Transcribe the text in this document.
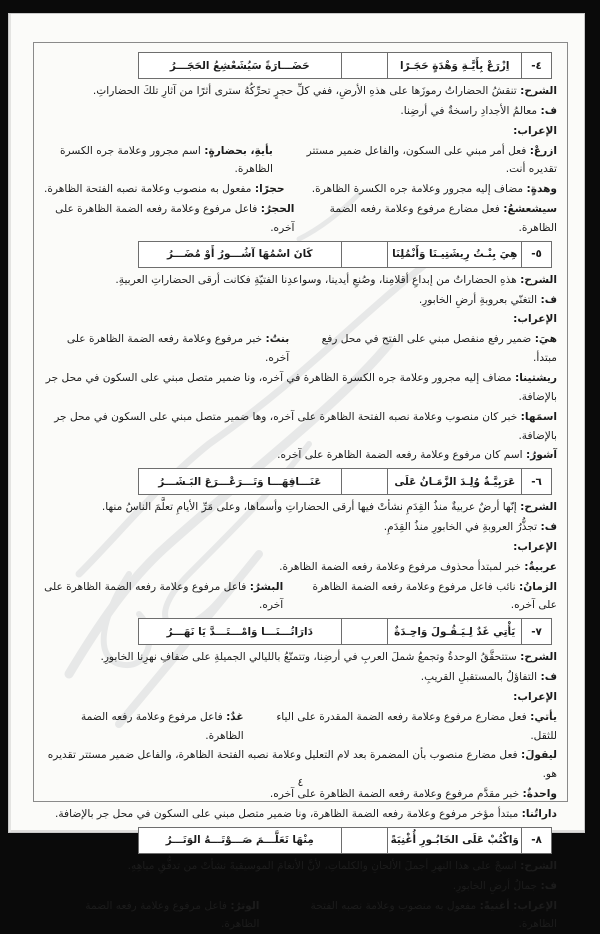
٤-
اِزْرَعْ بِأَيَّـةِ وَهْدَةٍ حَجَـرًا
حَضَـــارَةً سَيُشَعْشِعُ الحَجَـــرُ
الشرح: تنقشُ الحضاراتُ رموزَها على هذهِ الأرضِ، ففي كلِّ حجرٍ تحرِّكُهُ سترى أثرًا من آثارِ تلكَ الحضاراتِ.
ف: معالمُ الأجدادِ راسخةٌ في أرضِنا.
الإعراب:
ازرعْ: فعل أمر مبني على السكون، والفاعل ضمير مستتر تقديره أنت.
بأيةِ، بحضارةٍ: اسم مجرور وعلامة جره الكسرة الظاهرة.
وهدةٍ: مضاف إليه مجرور وعلامة جره الكسرة الظاهرة.
حجرًا: مفعول به منصوب وعلامة نصبه الفتحة الظاهرة.
سيشعشعُ: فعل مضارع مرفوع وعلامة رفعه الضمة الظاهرة.
الحجرُ: فاعل مرفوع وعلامة رفعه الضمة الظاهرة على آخره.
٥-
هِيَ بِنْـتُ رِيشَتِيـنَا وَأَنْمُلِنَا
كَانَ اسْمُهَا آشُـــورُ أَوْ مُضَـــرُ
الشرح: هذهِ الحضاراتُ من إبداعِ أقلامِنا، وصُنعِ أيدينا، وسواعدِنا الفتيّةِ فكانت أرقى الحضاراتِ العربيةِ.
ف: التغنّي بعروبةِ أرضِ الخابورِ.
الإعراب:
هيَ: ضمير رفع منفصل مبني على الفتح في محل رفع مبتدأ.
بنتُ: خبر مرفوع وعلامة رفعه الضمة الظاهرة على آخره.
ريشتينا: مضاف إليه مجرور وعلامة جره الكسرة الظاهرة في آخره، ونا ضمير متصل مبني على السكون في محل جر بالإضافة.
اسمَها: خبر كان منصوب وعلامة نصبه الفتحة الظاهرة على آخره، وها ضمير متصل مبني على السكون في محل جر بالإضافة.
آشورُ: اسم كان مرفوع وعلامة رفعه الضمة الظاهرة على آخره.
٦-
عَرَبِيَّـةٌ وُلِـدَ الزَّمَـانُ عَلَى
عَنَـــاقِهَـــا وَتَـــرَعْـــرَعَ البَـشَـــرُ
الشرح: إنّها أرضٌ عربيةٌ منذُ القِدَمِ نشأتْ فيها أرقى الحضاراتِ وأسماها، وعلى مَرِّ الأيامِ تعلَّمَ الناسُ منها.
ف: تجذُّرُ العروبةِ في الخابورِ منذُ القِدَمِ.
الإعراب:
عربيةٌ: خبر لمبتدأ محذوف مرفوع وعلامة رفعه الضمة الظاهرة.
الزمانُ: نائب فاعل مرفوع وعلامة رفعه الضمة الظاهرة على آخره.
البشرُ: فاعل مرفوع وعلامة رفعه الضمة الظاهرة على آخره.
٧-
يَأْتِي غَدٌ لِـيَـقُـولَ وَاحِـدَةٌ
دَارَاتُـــنَـــا وَامْـــتَـــدَّ يَا نَهَـــرُ
الشرح: ستتحقَّقُ الوحدةُ وتجمعُ شملَ العربِ في أرضِنا، وتتمتّعُ بالليالي الجميلةِ على ضفافِ نهرِنا الخابورِ.
ف: التفاؤلُ بالمستقبلِ القريبِ.
الإعراب:
يأتي: فعل مضارع مرفوع وعلامة رفعه الضمة المقدرة على الياء للثقل.
غدٌ: فاعل مرفوع وعلامة رفعه الضمة الظاهرة.
ليقولَ: فعل مضارع منصوب بأن المضمرة بعد لام التعليل وعلامة نصبه الفتحة الظاهرة، والفاعل ضمير مستتر تقديره هو.
واحدةٌ: خبر مقدَّم مرفوع وعلامة رفعه الضمة الظاهرة على آخره.
داراتُنا: مبتدأ مؤخر مرفوع وعلامة رفعه الضمة الظاهرة، ونا ضمير متصل مبني على السكون في محل جر بالإضافة.
٨-
وَاكْتُبْ عَلَى الخَابُـورِ أُغْنِيَةً
مِنْهَا تَعَلَّـــمَ صَـــوْتَـــهُ الوَتَـــرُ
الشرح: انسجْ على هذا النهرِ أجملَ الألحانِ والكلماتِ، لأنَّ الأنغامَ الموسيقيةَ نشأتْ من تدفُّقِ مياهِهِ.
ف: جمالُ أرضِ الخابورِ.
الإعراب: أغنيةً: مفعول به منصوب وعلامة نصبه الفتحة الظاهرة.
الوترُ: فاعل مرفوع وعلامة رفعه الضمة الظاهرة.
٤
